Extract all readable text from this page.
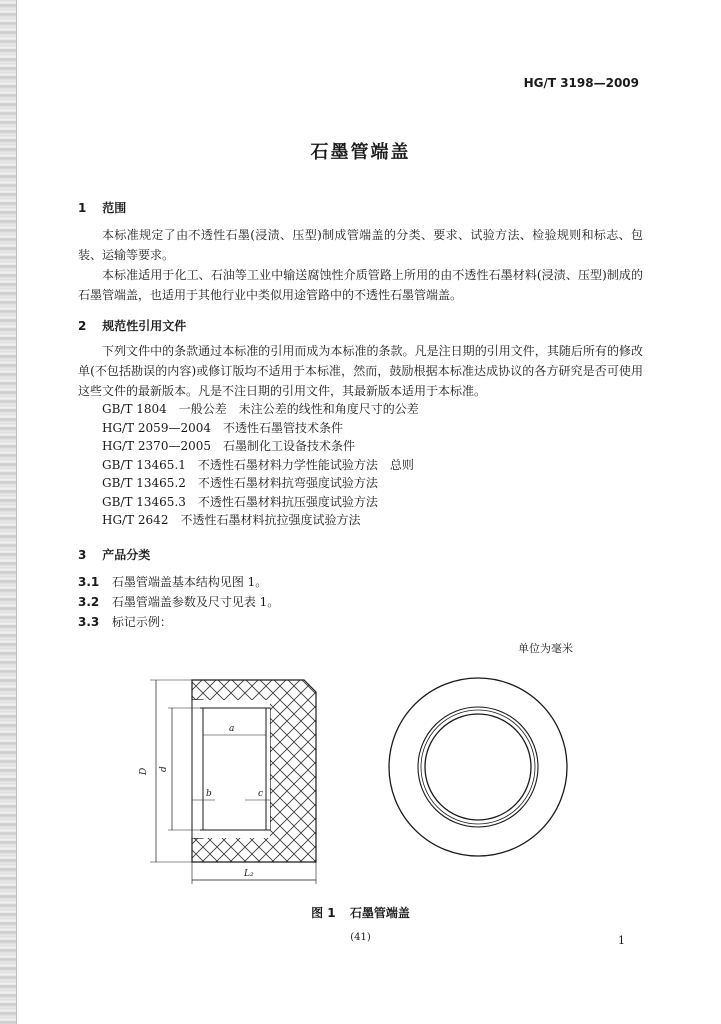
HG/T 3198—2009
石墨管端盖
1 范围
本标准规定了由不透性石墨(浸渍、压型)制成管端盖的分类、要求、试验方法、检验规则和标志、包装、运输等要求。
本标准适用于化工、石油等工业中输送腐蚀性介质管路上所用的由不透性石墨材料(浸渍、压型)制成的石墨管端盖，也适用于其他行业中类似用途管路中的不透性石墨管端盖。
2 规范性引用文件
下列文件中的条款通过本标准的引用而成为本标准的条款。凡是注日期的引用文件，其随后所有的修改单(不包括勘误的内容)或修订版均不适用于本标准，然而，鼓励根据本标准达成协议的各方研究是否可使用这些文件的最新版本。凡是不注日期的引用文件，其最新版本适用于本标准。
GB/T 1804　一般公差　未注公差的线性和角度尺寸的公差
HG/T 2059—2004　不透性石墨管技术条件
HG/T 2370—2005　石墨制化工设备技术条件
GB/T 13465.1　不透性石墨材料力学性能试验方法　总则
GB/T 13465.2　不透性石墨材料抗弯强度试验方法
GB/T 13465.3　不透性石墨材料抗压强度试验方法
HG/T 2642　不透性石墨材料抗拉强度试验方法
3 产品分类
3.1 石墨管端盖基本结构见图 1。
3.2 石墨管端盖参数及尺寸见表 1。
3.3 标记示例：
单位为毫米
D d
a
b	c
L₂
图 1 石墨管端盖
(41)	1
